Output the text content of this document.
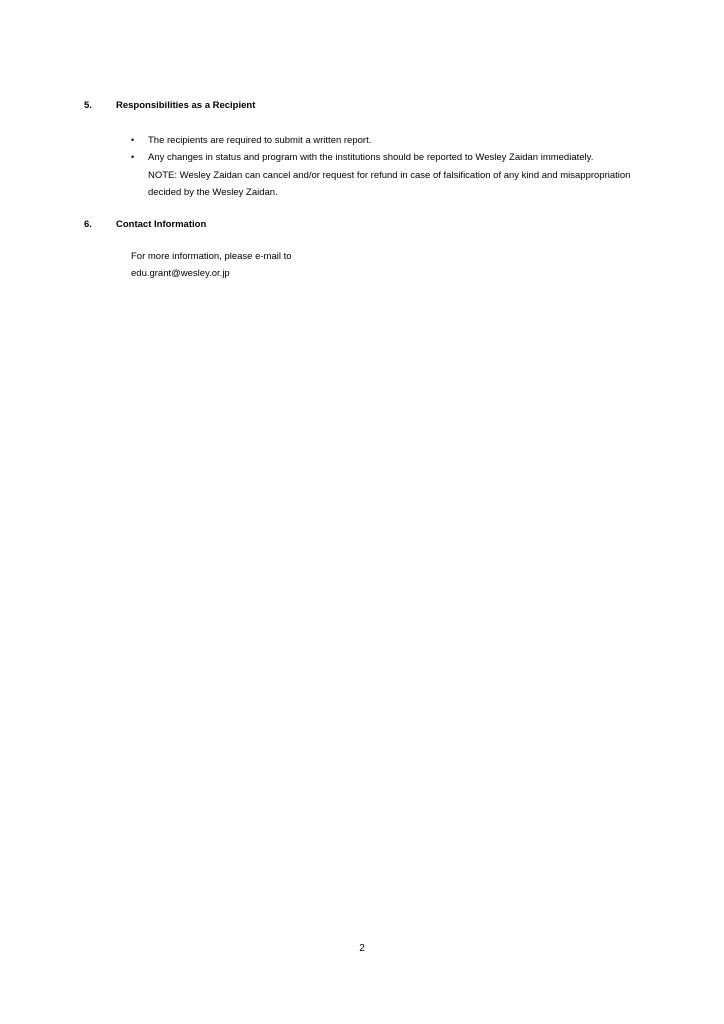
5.	Responsibilities as a Recipient
•	The recipients are required to submit a written report.
•	Any changes in status and program with the institutions should be reported to Wesley Zaidan immediately.
NOTE: Wesley Zaidan can cancel and/or request for refund in case of falsification of any kind and misappropriation decided by the Wesley Zaidan.
6.	Contact Information
For more information, please e-mail to
edu.grant@wesley.or.jp
2
